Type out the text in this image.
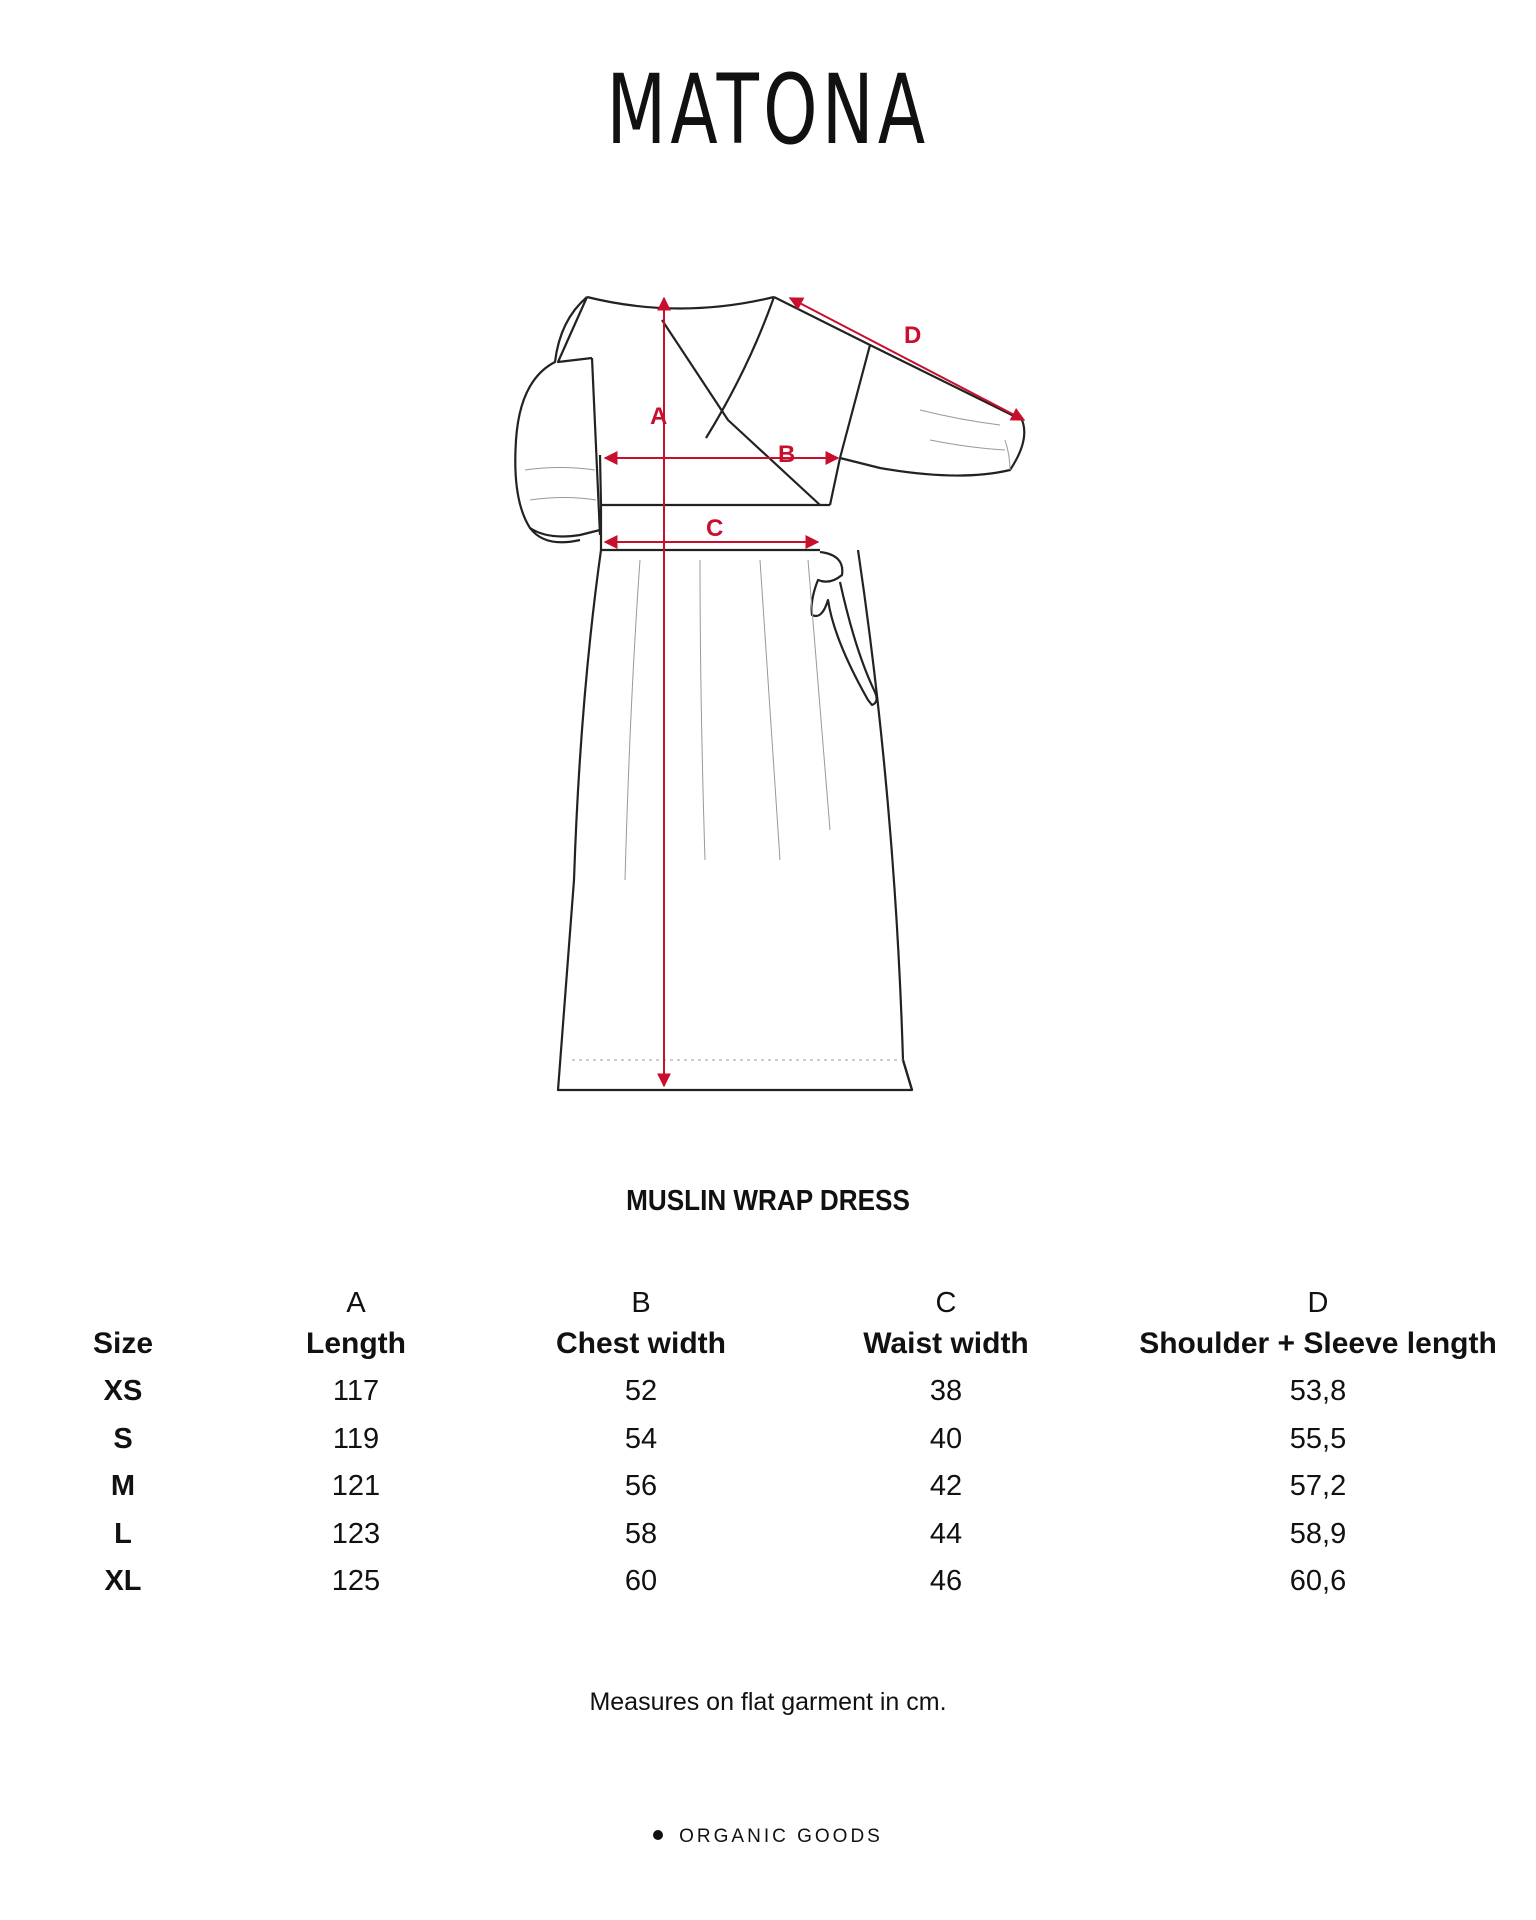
MATONA
A
B
C
D
MUSLIN WRAP DRESS
	A	B	C	D
Size	Length	Chest width	Waist width	Shoulder + Sleeve length
XS	117	52	38	53,8
S	119	54	40	55,5
M	121	56	42	57,2
L	123	58	44	58,9
XL	125	60	46	60,6
Measures on flat garment in cm.
ORGANIC GOODS
